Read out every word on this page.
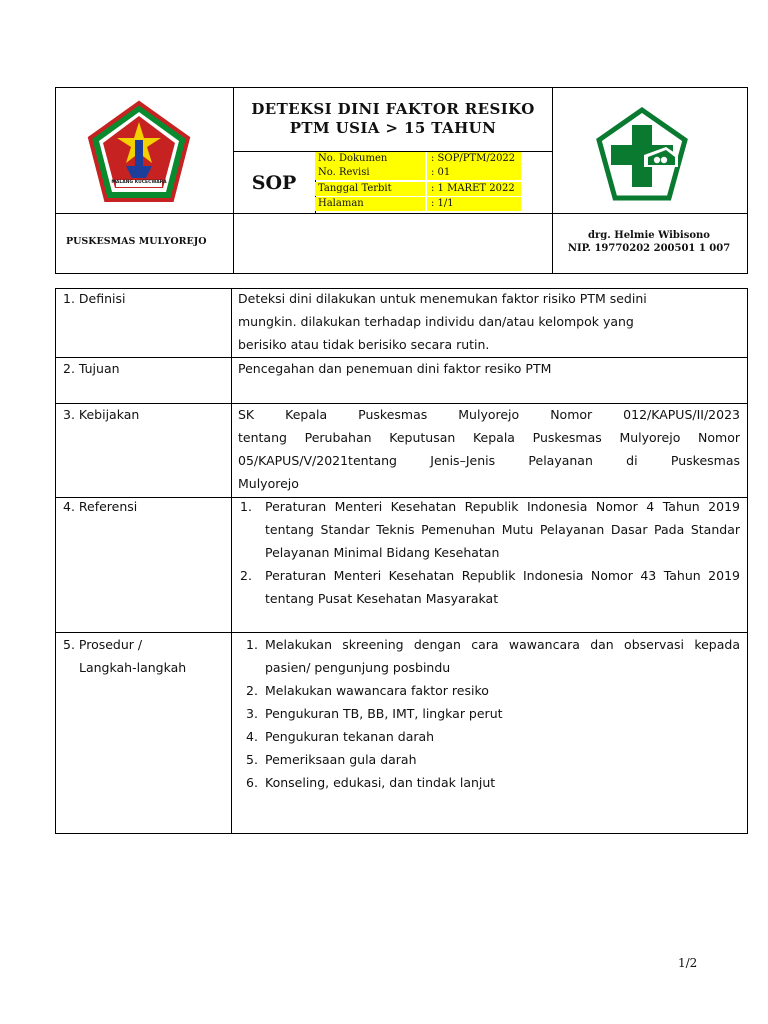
MALANG KUCECWARA
DETEKSI DINI FAKTOR RESIKO
PTM USIA > 15 TAHUN
SOP
No. Dokumen	: SOP/PTM/2022
No. Revisi	: 01
Tanggal Terbit	: 1 MARET 2022
Halaman	: 1/1
PUSKESMAS MULYOREJO
drg. Helmie Wibisono
NIP. 19770202 200501 1 007
1. Definisi	Deteksi dini dilakukan untuk menemukan faktor risiko PTM sedini
mungkin. dilakukan terhadap individu dan/atau kelompok yang
berisiko atau tidak berisiko secara rutin.
2. Tujuan	Pencegahan dan penemuan dini faktor resiko PTM
3. Kebijakan	SK Kepala Puskesmas Mulyorejo Nomor 012/KAPUS/II/2023
tentang Perubahan Keputusan Kepala Puskesmas Mulyorejo Nomor
05/KAPUS/V/2021tentang Jenis–Jenis Pelayanan di Puskesmas
Mulyorejo
4. Referensi	1. Peraturan Menteri Kesehatan Republik Indonesia Nomor 4 Tahun 2019 tentang Standar Teknis Pemenuhan Mutu Pelayanan Dasar Pada Standar Pelayanan Minimal Bidang Kesehatan
2. Peraturan Menteri Kesehatan Republik Indonesia Nomor 43 Tahun 2019 tentang Pusat Kesehatan Masyarakat
5. Prosedur /
Langkah-langkah
1. Melakukan skreening dengan cara wawancara dan observasi kepada pasien/ pengunjung posbindu
2. Melakukan wawancara faktor resiko
3. Pengukuran TB, BB, IMT, lingkar perut
4. Pengukuran tekanan darah
5. Pemeriksaan gula darah
6. Konseling, edukasi, dan tindak lanjut
1/2
